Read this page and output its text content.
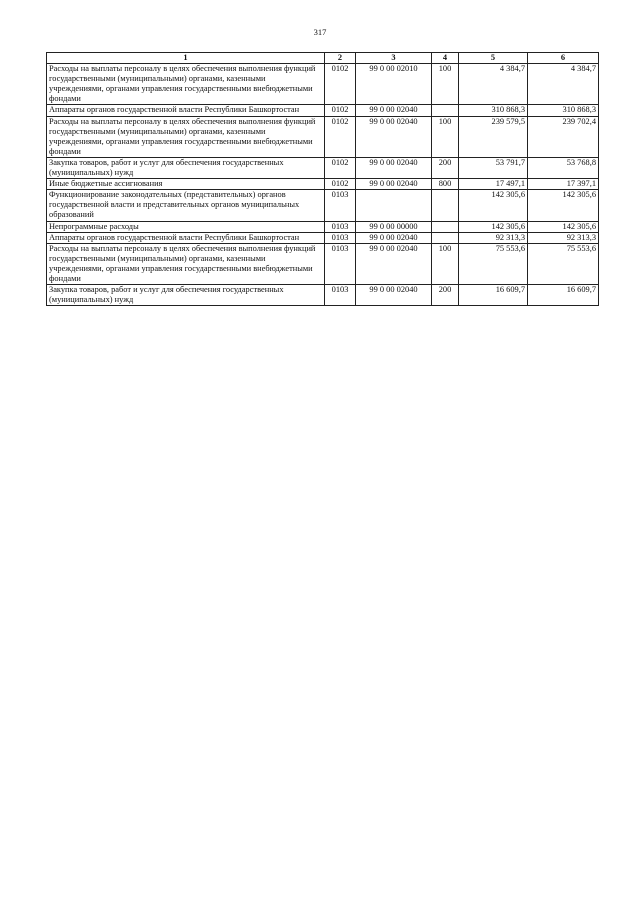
317
1	2	3	4	5	6
Расходы на выплаты персоналу в целях обеспечения выполнения функций государственными (муниципальными) органами, казенными учреждениями, органами управления государственными внебюджетными фондами	0102	99 0 00 02010	100	4 384,7	4 384,7
Аппараты органов государственной власти Республики Башкортостан	0102	99 0 00 02040		310 868,3	310 868,3
Расходы на выплаты персоналу в целях обеспечения выполнения функций государственными (муниципальными) органами, казенными учреждениями, органами управления государственными внебюджетными фондами	0102	99 0 00 02040	100	239 579,5	239 702,4
Закупка товаров, работ и услуг для обеспечения государственных (муниципальных) нужд	0102	99 0 00 02040	200	53 791,7	53 768,8
Иные бюджетные ассигнования	0102	99 0 00 02040	800	17 497,1	17 397,1
Функционирование законодательных (представительных) органов государственной власти и представительных органов муниципальных образований	0103			142 305,6	142 305,6
Непрограммные расходы	0103	99 0 00 00000		142 305,6	142 305,6
Аппараты органов государственной власти Республики Башкортостан	0103	99 0 00 02040		92 313,3	92 313,3
Расходы на выплаты персоналу в целях обеспечения выполнения функций государственными (муниципальными) органами, казенными учреждениями, органами управления государственными внебюджетными фондами	0103	99 0 00 02040	100	75 553,6	75 553,6
Закупка товаров, работ и услуг для обеспечения государственных (муниципальных) нужд	0103	99 0 00 02040	200	16 609,7	16 609,7
